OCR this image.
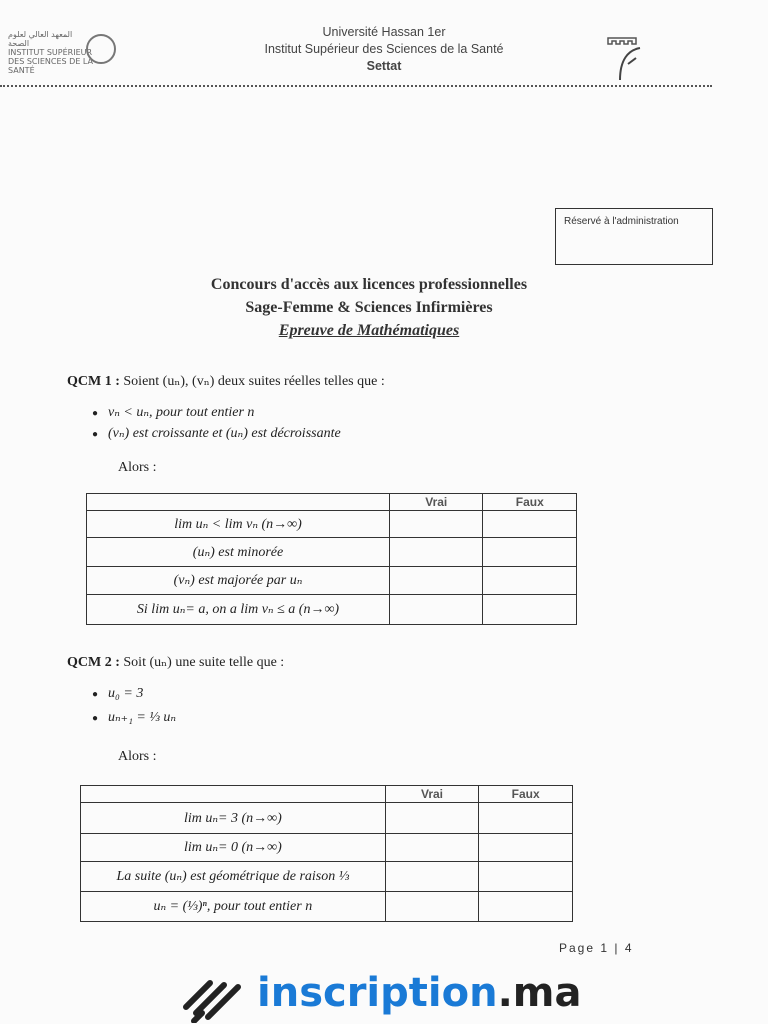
المعهد العالي لعلوم الصحة
INSTITUT SUPÉRIEUR
DES SCIENCES DE LA SANTÉ
Université Hassan 1er
Institut Supérieur des Sciences de la Santé
Settat
Réservé à l'administration
Concours d'accès aux licences professionnelles
Sage-Femme & Sciences Infirmières
Epreuve de Mathématiques
QCM 1 : Soient (uₙ), (vₙ) deux suites réelles telles que :
● vₙ < uₙ, pour tout entier n
● (vₙ) est croissante et (uₙ) est décroissante
Alors :
	Vrai	Faux
lim uₙ < lim vₙ (n→∞)		
(uₙ) est minorée		
(vₙ) est majorée par uₙ		
Si lim uₙ= a, on a lim vₙ ≤ a (n→∞)		
QCM 2 : Soit (uₙ) une suite telle que :
● u₀ = 3
● uₙ₊₁ = ⅓ uₙ
Alors :
	Vrai	Faux
lim uₙ= 3 (n→∞)		
lim uₙ= 0 (n→∞)		
La suite (uₙ) est géométrique de raison ⅓		
uₙ = (⅓)ⁿ, pour tout entier n		
Page 1 | 4
inscription.ma
